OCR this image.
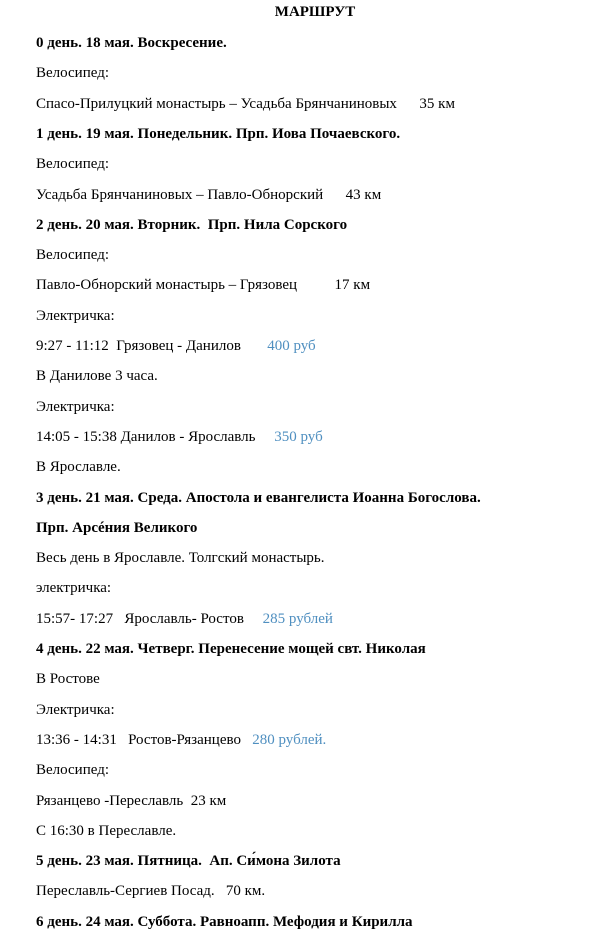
МАРШРУТ
0 день. 18 мая. Воскресение.
Велосипед:
Спасо-Прилуцкий монастырь – Усадьба Брянчаниновых      35 км
1 день. 19 мая. Понедельник. Прп. Иова Почаевского.
Велосипед:
Усадьба Брянчаниновых – Павло-Обнорский      43 км
2 день. 20 мая. Вторник.  Прп. Нила Сорского
Велосипед:
Павло-Обнорский монастырь – Грязовец          17 км
Электричка:
9:27 - 11:12  Грязовец - Данилов       400 руб
В Данилове 3 часа.
Электричка:
14:05 - 15:38 Данилов - Ярославль     350 руб
В Ярославле.
3 день. 21 мая. Среда. Апостола и евангелиста Иоанна Богослова.
Прп. Арсéния Великого
Весь день в Ярославле. Толгский монастырь.
электричка:
15:57- 17:27   Ярославль- Ростов     285 рублей
4 день. 22 мая. Четверг. Перенесение мощей свт. Николая
В Ростове
Электричка:
13:36 - 14:31   Ростов-Рязанцево   280 рублей.
Велосипед:
Рязанцево -Переславль  23 км
С 16:30 в Переславле.
5 день. 23 мая. Пятница.  Ап. Си́мона Зилота
Переславль-Сергиев Посад.   70 км.
6 день. 24 мая. Суббота. Равноапп. Мефодия и Кирилла
